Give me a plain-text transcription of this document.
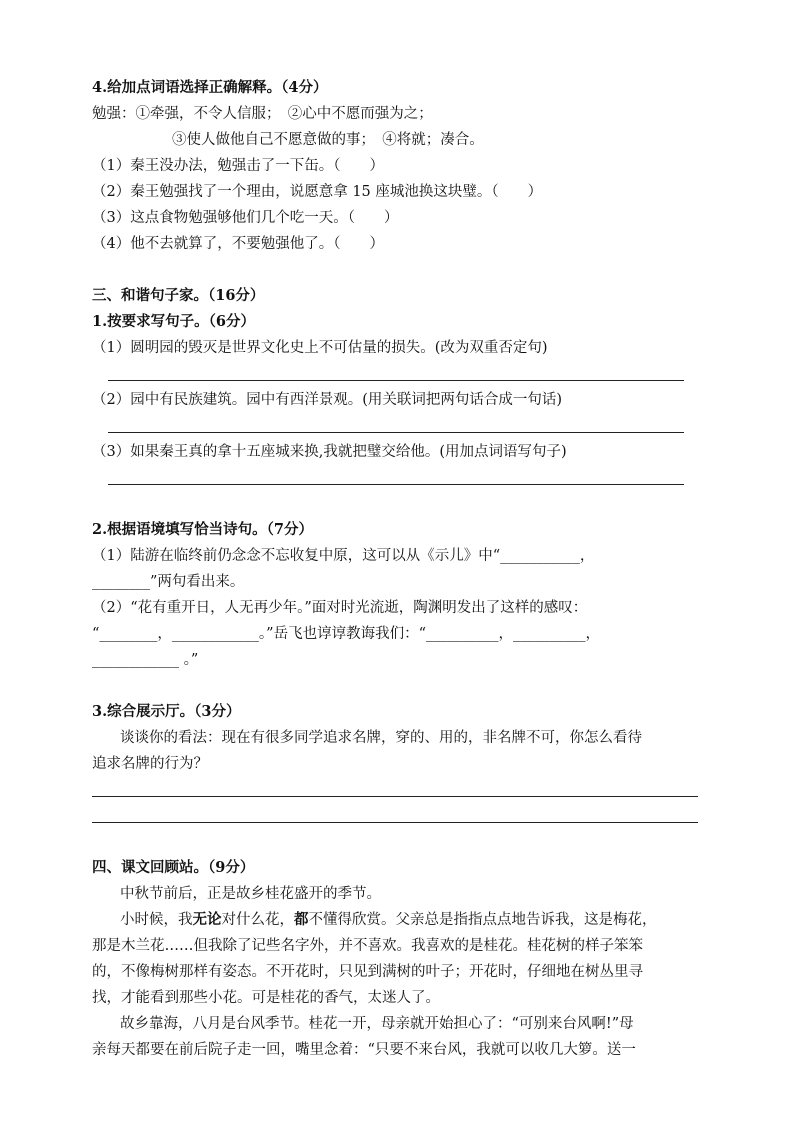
4.给加点词语选择正确解释。（4分）
勉强：①牵强，不令人信服；　②心中不愿而强为之；
③使人做他自己不愿意做的事；　④将就；凑合。
（1）秦王没办法，勉强击了一下缶。（　　）
（2）秦王勉强找了一个理由，说愿意拿 15 座城池换这块璧。（　　）
（3）这点食物勉强够他们几个吃一天。（　　）
（4）他不去就算了，不要勉强他了。（　　）
三、和谐句子家。（16分）
1.按要求写句子。（6分）
（1）圆明园的毁灭是世界文化史上不可估量的损失。(改为双重否定句)
（2）园中有民族建筑。园中有西洋景观。(用关联词把两句话合成一句话)
（3）如果秦王真的拿十五座城来换,我就把璧交给他。(用加点词语写句子)
2.根据语境填写恰当诗句。（7分）
（1）陆游在临终前仍念念不忘收复中原，这可以从《示儿》中“___________，
________”两句看出来。
（2）“花有重开日，人无再少年。”面对时光流逝，陶渊明发出了这样的感叹：
“________，____________。”岳飞也谆谆教诲我们：“__________，__________，
____________ 。”
3.综合展示厅。（3分）
谈谈你的看法：现在有很多同学追求名牌，穿的、用的，非名牌不可，你怎么看待
追求名牌的行为？
四、课文回顾站。（9分）
中秋节前后，正是故乡桂花盛开的季节。
小时候，我无论对什么花，都不懂得欣赏。父亲总是指指点点地告诉我，这是梅花，
那是木兰花……但我除了记些名字外，并不喜欢。我喜欢的是桂花。桂花树的样子笨笨
的，不像梅树那样有姿态。不开花时，只见到满树的叶子；开花时，仔细地在树丛里寻
找，才能看到那些小花。可是桂花的香气，太迷人了。
故乡靠海，八月是台风季节。桂花一开，母亲就开始担心了：“可别来台风啊!”母
亲每天都要在前后院子走一回，嘴里念着：“只要不来台风，我就可以收几大箩。送一
